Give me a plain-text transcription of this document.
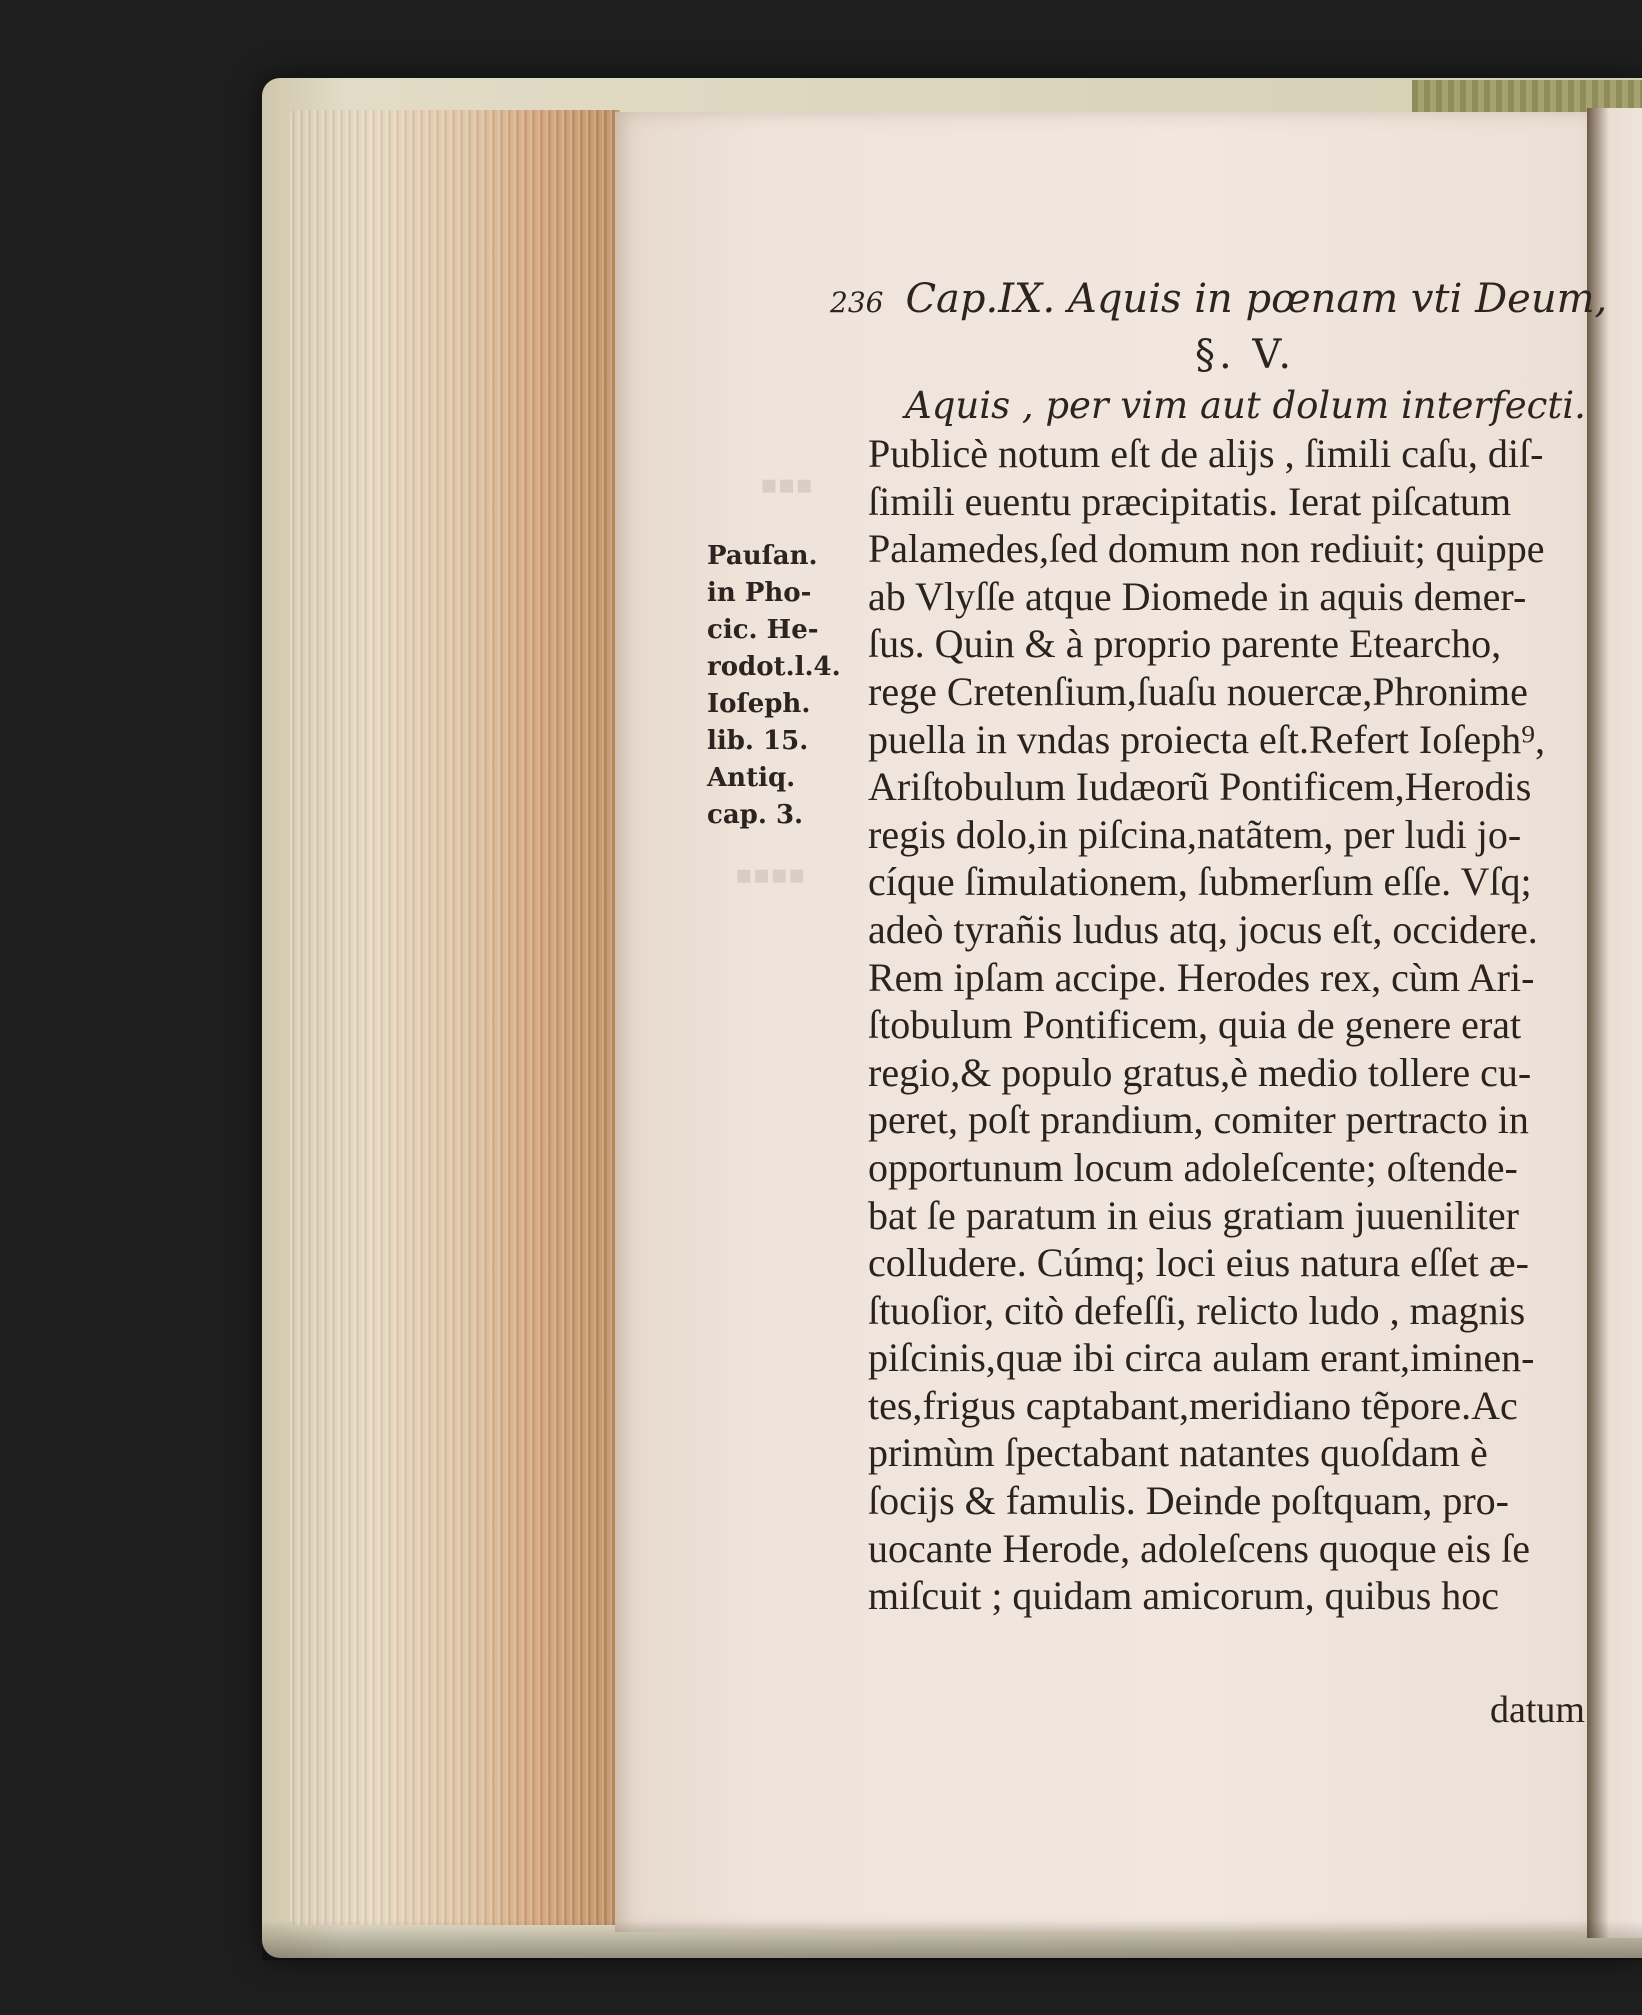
▪▪▪
▪▪▪▪
236 Cap.IX. Aquis in pœnam vti Deum,
§. V.
Aquis , per vim aut dolum interfecti.
Pauſan.
in Pho-
cic. He-
rodot.l.4.
Ioſeph.
lib. 15.
Antiq.
cap. 3.
Publicè notum eſt de alijs , ſimili caſu, diſ-
ſimili euentu præcipitatis. Ierat piſcatum
Palamedes,ſed domum non rediuit; quippe
ab Vlyſſe atque Diomede in aquis demer-
ſus. Quin & à proprio parente Etearcho,
rege Cretenſium,ſuaſu nouercæ,Phronime
puella in vndas proiecta eſt.Refert Ioſeph⁹,
Ariſtobulum Iudæorũ Pontificem,Herodis
regis dolo,in piſcina,natãtem, per ludi jo-
cíque ſimulationem, ſubmerſum eſſe. Vſq;
adeò tyrañis ludus atq, jocus eſt, occidere.
Rem ipſam accipe. Herodes rex, cùm Ari-
ſtobulum Pontificem, quia de genere erat
regio,& populo gratus,è medio tollere cu-
peret, poſt prandium, comiter pertracto in
opportunum locum adoleſcente; oſtende-
bat ſe paratum in eius gratiam juueniliter
colludere. Cúmq; loci eius natura eſſet æ-
ſtuoſior, citò defeſſi, relicto ludo , magnis
piſcinis,quæ ibi circa aulam erant,iminen-
tes,frigus captabant,meridiano tẽpore.Ac
primùm ſpectabant natantes quoſdam è
ſocijs & famulis. Deinde poſtquam, pro-
uocante Herode, adoleſcens quoque eis ſe
miſcuit ; quidam amicorum, quibus hoc
datum
